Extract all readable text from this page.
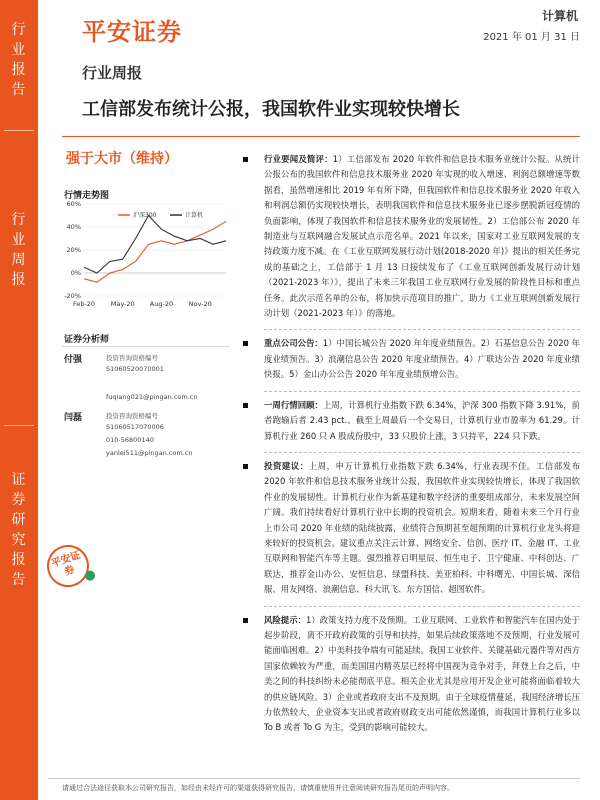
行
业
报
告
行
业
周
报
证
券
研
究
报
告
平安证券
计算机
2021 年 01 月 31 日
行业周报
工信部发布统计公报，我国软件业实现较快增长
强于大市（维持）
行情走势图
60%
40%
20%
0%
-20%
Feb-20 May-20 Aug-20 Nov-20
沪深300	计算机
证券分析师
付强	投资咨询资格编号
S1060520070001
fuqiang021@pingan.com.cn
闫磊	投资咨询资格编号
S1060517070006
010-56800140
yanlei511@pingan.com.cn
平安证券
行业要闻及简评：1）工信部发布 2020 年软件和信息技术服务业统计公报。从统计公报公布的我国软件和信息技术服务业 2020 年实现的收入增速、利润总额增速等数据看，虽然增速相比 2019 年有所下降，但我国软件和信息技术服务业 2020 年收入和利润总额仍实现较快增长，表明我国软件和信息技术服务业已逐步摆脱新冠疫情的负面影响，体现了我国软件和信息技术服务业的发展韧性。2）工信部公布 2020 年制造业与互联网融合发展试点示范名单。2021 年以来，国家对工业互联网发展的支持政策力度不减。在《工业互联网发展行动计划(2018-2020 年)》提出的相关任务完成的基础之上，工信部于 1 月 13 日接续发布了《工业互联网创新发展行动计划（2021-2023 年）》，提出了未来三年我国工业互联网行业发展的阶段性目标和重点任务。此次示范名单的公布，将加快示范项目的推广，助力《工业互联网创新发展行动计划（2021-2023 年）》的落地。
重点公司公告：1）中国长城公告 2020 年年度业绩预告。2）石基信息公告 2020 年度业绩预告。3）浪潮信息公告 2020 年度业绩预告。4）广联达公告 2020 年度业绩快报。5）金山办公公告 2020 年年度业绩预增公告。
一周行情回顾：上周，计算机行业指数下跌 6.34%，沪深 300 指数下降 3.91%，前者跑输后者 2.43 pct.。截至上周最后一个交易日，计算机行业市盈率为 61.29。计算机行业 260 只 A 股成份股中，33 只股价上涨，3 只持平，224 只下跌。
投资建议：上周，申万计算机行业指数下跌 6.34%，行业表现不佳。工信部发布 2020 年软件和信息技术服务业统计公报，我国软件业实现较快增长，体现了我国软件业的发展韧性。计算机行业作为新基建和数字经济的重要组成部分，未来发展空间广阔。我们持续看好计算机行业中长期的投资机会。短期来看，随着未来三个月行业上市公司 2020 年业绩的陆续披露，业绩符合预期甚至超预期的计算机行业龙头将迎来较好的投资机会。建议重点关注云计算、网络安全、信创、医疗 IT、金融 IT、工业互联网和智能汽车等主题。强烈推荐启明星辰、恒生电子、卫宁健康、中科创达、广联达，推荐金山办公、安恒信息、绿盟科技、美亚柏科、中科曙光、中国长城、深信服、用友网络、浪潮信息、科大讯飞、东方国信、超图软件。
风险提示：1）政策支持力度不及预期。工业互联网、工业软件和智能汽车在国内处于起步阶段，离不开政府政策的引导和扶持，如果后续政策落地不及预期，行业发展可能面临困难。2）中美科技争端有可能延续。我国工业软件、关键基础元器件等对西方国家依赖较为严重，而美国国内精英层已经将中国视为竞争对手，拜登上台之后，中美之间的科技纠纷未必能彻底平息。相关企业尤其是应用开发企业可能将面临着较大的供应链风险。3）企业或者政府支出不及预期。由于全球疫情蔓延，我国经济增长压力依然较大，企业资本支出或者政府财政支出可能依然谨慎，而我国计算机行业多以 To B 或者 To G 为主，受到的影响可能较大。
请通过合法途径获取本公司研究报告，如经由未经许可的渠道获得研究报告，请慎重使用并注意阅读研究报告尾页的声明内容。
